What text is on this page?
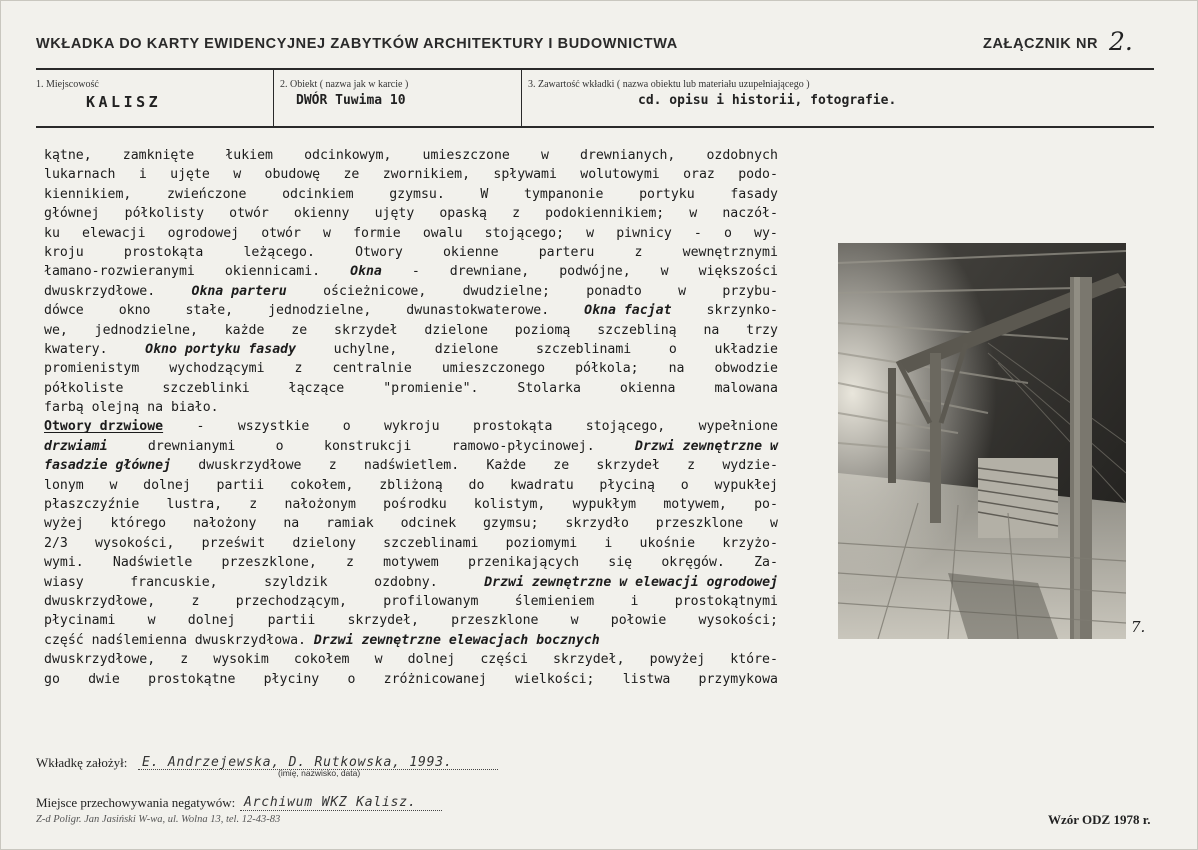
WKŁADKA DO KARTY EWIDENCYJNEJ ZABYTKÓW ARCHITEKTURY I BUDOWNICTWA	ZAŁĄCZNIK NR 2.
1. Miejscowość
KALISZ
2. Obiekt ( nazwa jak w karcie )
DWÓR Tuwima 10
3. Zawartość wkładki ( nazwa obiektu lub materiału uzupełniającego )
cd. opisu i historii, fotografie.
kątne, zamknięte łukiem odcinkowym, umieszczone w drewnianych, ozdobnych
lukarnach i ujęte w obudowę ze zwornikiem, spływami wolutowymi oraz podo-
kiennikiem,	zwieńczone	odcinkiem	gzymsu.	W	tympanonie	portyku	fasady
głównej półkolisty otwór okienny ujęty opaską z podokiennikiem; w naczół-
ku elewacji ogrodowej otwór w formie owalu stojącego; w piwnicy - o wy-
kroju	prostokąta	leżącego.	Otwory	okienne	parteru	z	wewnętrznymi
łamano-rozwieranymi okiennicami. Okna - drewniane, podwójne, w większości
dwuskrzydłowe.	Okna parteru	ościeżnicowe,	dwudzielne;	ponadto	w	przybu-
dówce	okno	stałe,	jednodzielne,	dwunastokwaterowe.	Okna facjat	skrzynko-
we, jednodzielne, każde ze skrzydeł dzielone poziomą szczebliną na trzy
kwatery.	Okno portyku fasady	uchylne,	dzielone	szczeblinami	o	układzie
promienistym wychodzącymi z centralnie umieszczonego półkola; na obwodzie
półkoliste	szczeblinki	łączące	"promienie".	Stolarka	okienna	malowana
farbą olejną na biało.
Otwory drzwiowe	-	wszystkie	o	wykroju	prostokąta	stojącego,	wypełnione
drzwiami	drewnianymi	o	konstrukcji	ramowo-płycinowej.	Drzwi zewnętrzne w
fasadzie głównej dwuskrzydłowe z nadświetlem. Każde ze skrzydeł z wydzie-
lonym w dolnej partii cokołem, zbliżoną do kwadratu płyciną o wypukłej
płaszczyźnie lustra, z nałożonym pośrodku kolistym, wypukłym motywem, po-
wyżej którego nałożony na ramiak odcinek gzymsu; skrzydło przeszklone w
2/3 wysokości, prześwit dzielony szczeblinami poziomymi i ukośnie krzyżo-
wymi. Nadświetle przeszklone, z motywem przenikających się okręgów. Za-
wiasy	francuskie,	szyldzik	ozdobny.	Drzwi zewnętrzne w elewacji ogrodowej
dwuskrzydłowe,	z	przechodzącym,	profilowanym	ślemieniem	i	prostokątnymi
płycinami w dolnej partii skrzydeł, przeszklone w połowie wysokości;
część nadślemienna dwuskrzydłowa. Drzwi zewnętrzne elewacjach bocznych
dwuskrzydłowe, z wysokim cokołem w dolnej części skrzydeł, powyżej które-
go dwie prostokątne płyciny o zróżnicowanej wielkości; listwa przymykowa
7.
Wkładkę założył: E. Andrzejewska, D. Rutkowska, 1993.
(imię, nazwisko, data)
Miejsce przechowywania negatywów: Archiwum WKZ Kalisz.
Z-d Poligr. Jan Jasiński W-wa, ul. Wolna 13, tel. 12-43-83	Wzór ODZ 1978 r.
